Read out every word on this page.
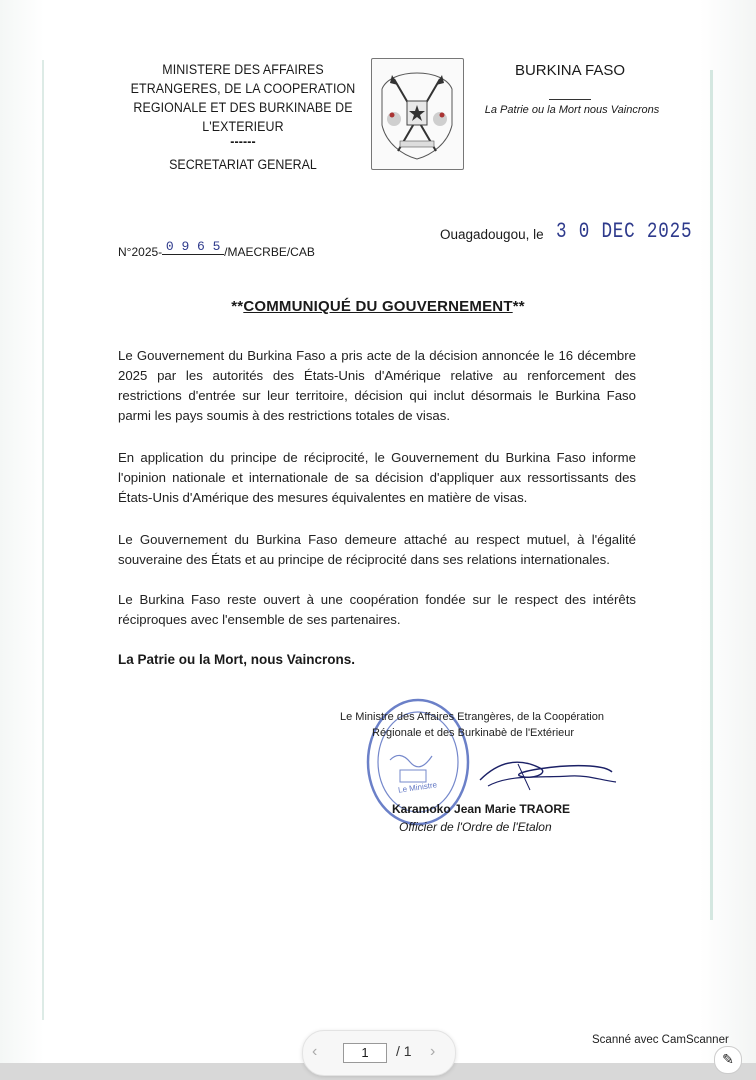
MINISTERE DES AFFAIRES
ETRANGERES, DE LA COOPERATION
REGIONALE ET DES BURKINABE DE
L'EXTERIEUR
------
SECRETARIAT GENERAL
BURKINA FASO
La Patrie ou la Mort nous Vaincrons
Ouagadougou, le 3 0 DEC 2025
N°2025- 0 9 6 5 /MAECRBE/CAB
**COMMUNIQUÉ DU GOUVERNEMENT**
Le Gouvernement du Burkina Faso a pris acte de la décision annoncée le 16 décembre 2025 par les autorités des États-Unis d'Amérique relative au renforcement des restrictions d'entrée sur leur territoire, décision qui inclut désormais le Burkina Faso parmi les pays soumis à des restrictions totales de visas.
En application du principe de réciprocité, le Gouvernement du Burkina Faso informe l'opinion nationale et internationale de sa décision d'appliquer aux ressortissants des États-Unis d'Amérique des mesures équivalentes en matière de visas.
Le Gouvernement du Burkina Faso demeure attaché au respect mutuel, à l'égalité souveraine des États et au principe de réciprocité dans ses relations internationales.
Le Burkina Faso reste ouvert à une coopération fondée sur le respect des intérêts réciproques avec l'ensemble de ses partenaires.
La Patrie ou la Mort, nous Vaincrons.
Le Ministre
Le Ministre des Affaires Etrangères, de la Coopération
Régionale et des Burkinabè de l'Extérieur
Karamoko Jean Marie TRAORE
Officier de l'Ordre de l'Etalon
Scanné avec CamScanner
‹	1	/ 1 ›	✎
